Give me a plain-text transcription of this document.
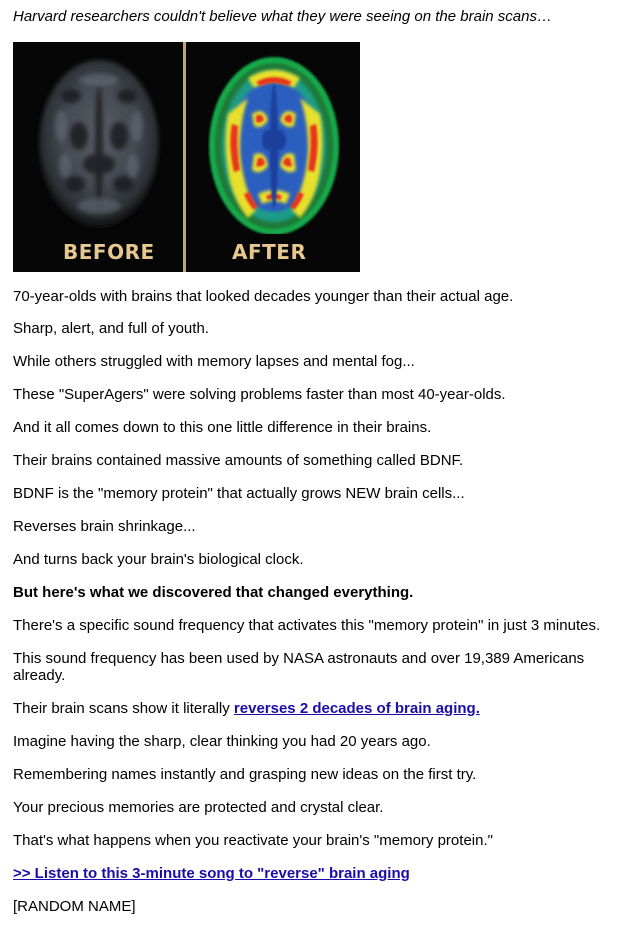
Harvard researchers couldn't believe what they were seeing on the brain scans…

BEFORE	AFTER

70-year-olds with brains that looked decades younger than their actual age.

Sharp, alert, and full of youth.

While others struggled with memory lapses and mental fog...

These "SuperAgers" were solving problems faster than most 40-year-olds.

And it all comes down to this one little difference in their brains.

Their brains contained massive amounts of something called BDNF.

BDNF is the "memory protein" that actually grows NEW brain cells...

Reverses brain shrinkage...

And turns back your brain's biological clock.

But here's what we discovered that changed everything.

There's a specific sound frequency that activates this "memory protein" in just 3 minutes.

This sound frequency has been used by NASA astronauts and over 19,389 Americans already.

Their brain scans show it literally reverses 2 decades of brain aging.

Imagine having the sharp, clear thinking you had 20 years ago.

Remembering names instantly and grasping new ideas on the first try.

Your precious memories are protected and crystal clear.

That's what happens when you reactivate your brain's "memory protein."

>> Listen to this 3-minute song to "reverse" brain aging

[RANDOM NAME]
